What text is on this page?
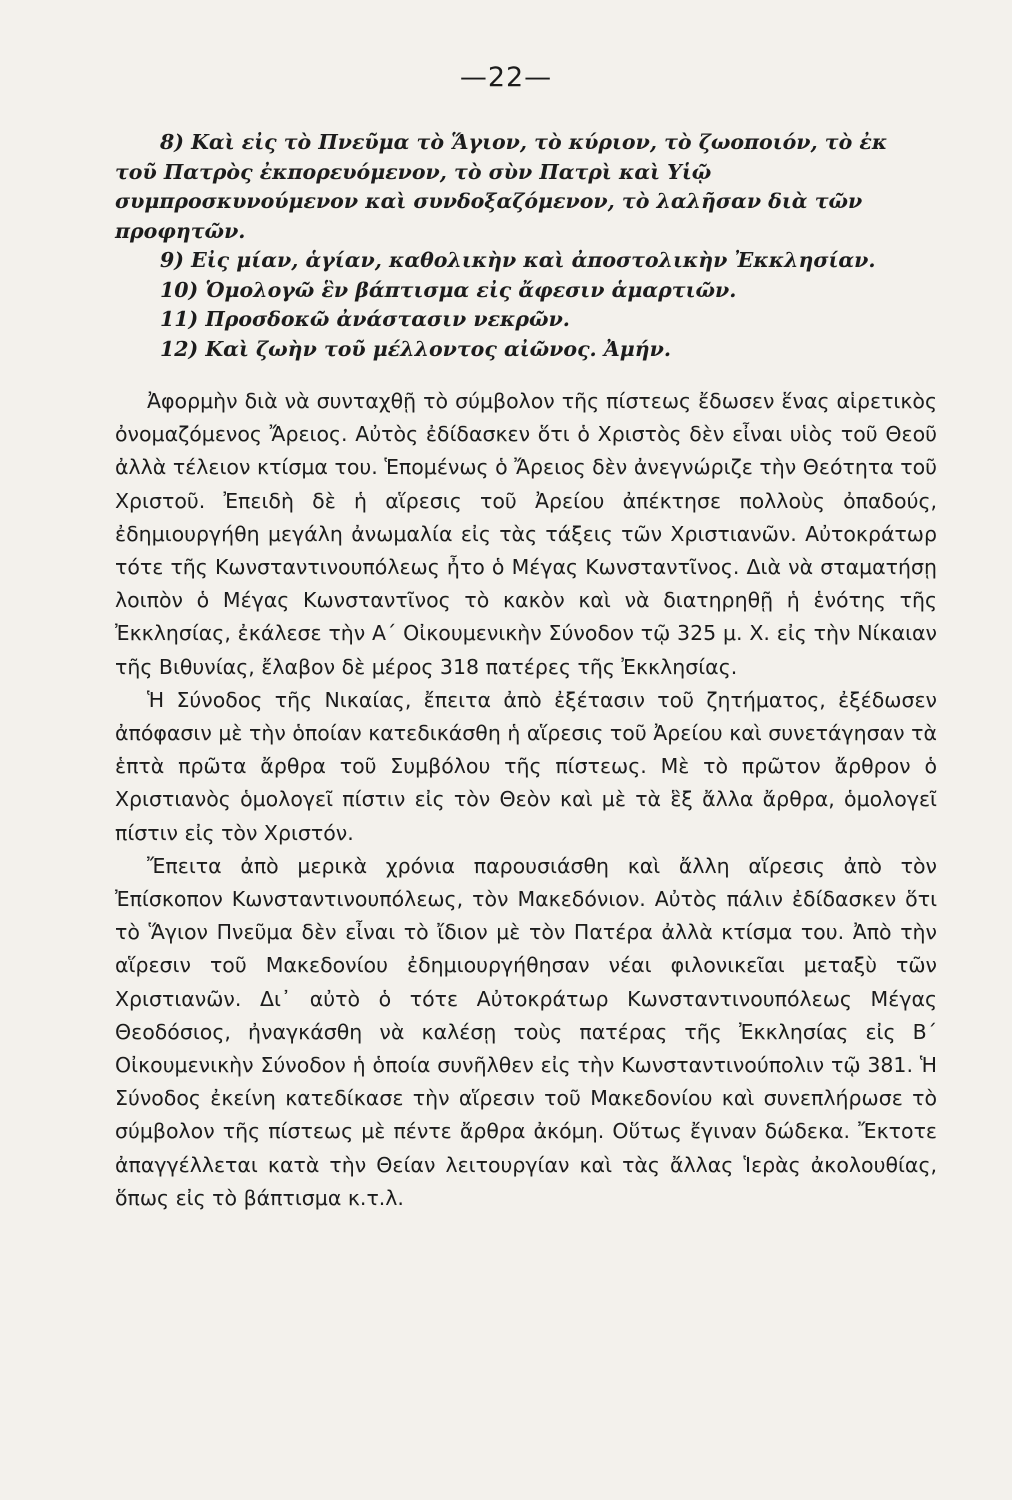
—22—

8) Καὶ εἰς τὸ Πνεῦμα τὸ Ἅγιον, τὸ κύριον, τὸ ζωοποιόν, τὸ ἐκ τοῦ Πατρὸς ἐκπορευόμενον, τὸ σὺν Πατρὶ καὶ Υἱῷ συμπροσκυνούμενον καὶ συνδοξαζόμενον, τὸ λαλῆσαν διὰ τῶν προφητῶν.

9) Εἰς μίαν, ἁγίαν, καθολικὴν καὶ ἀποστολικὴν Ἐκκλησίαν.

10) Ὁμολογῶ ἓν βάπτισμα εἰς ἄφεσιν ἁμαρτιῶν.

11) Προσδοκῶ ἀνάστασιν νεκρῶν.

12) Καὶ ζωὴν τοῦ μέλλοντος αἰῶνος. Ἀμήν.

Ἀφορμὴν διὰ νὰ συνταχθῇ τὸ σύμβολον τῆς πίστεως ἔδωσεν ἕνας αἱρετικὸς ὀνομαζόμενος Ἄρειος. Αὐτὸς ἐδίδασκεν ὅτι ὁ Χριστὸς δὲν εἶναι υἱὸς τοῦ Θεοῦ ἀλλὰ τέλειον κτίσμα του. Ἑπομένως ὁ Ἄρειος δὲν ἀνεγνώριζε τὴν Θεότητα τοῦ Χριστοῦ. Ἐπειδὴ δὲ ἡ αἵρεσις τοῦ Ἀρείου ἀπέκτησε πολλοὺς ὀπαδούς, ἐδημιουργήθη μεγάλη ἀνωμαλία εἰς τὰς τάξεις τῶν Χριστιανῶν. Αὐτοκράτωρ τότε τῆς Κωνσταντινουπόλεως ἦτο ὁ Μέγας Κωνσταντῖνος. Διὰ νὰ σταματήσῃ λοιπὸν ὁ Μέγας Κωνσταντῖνος τὸ κακὸν καὶ νὰ διατηρηθῇ ἡ ἑνότης τῆς Ἐκκλησίας, ἐκάλεσε τὴν Α΄ Οἰκουμενικὴν Σύνοδον τῷ 325 μ. Χ. εἰς τὴν Νίκαιαν τῆς Βιθυνίας, ἔλαβον δὲ μέρος 318 πατέρες τῆς Ἐκκλησίας.

Ἡ Σύνοδος τῆς Νικαίας, ἔπειτα ἀπὸ ἐξέτασιν τοῦ ζητήματος, ἐξέδωσεν ἀπόφασιν μὲ τὴν ὁποίαν κατεδικάσθη ἡ αἵρεσις τοῦ Ἀρείου καὶ συνετάγησαν τὰ ἑπτὰ πρῶτα ἄρθρα τοῦ Συμβόλου τῆς πίστεως. Μὲ τὸ πρῶτον ἄρθρον ὁ Χριστιανὸς ὁμολογεῖ πίστιν εἰς τὸν Θεὸν καὶ μὲ τὰ ἓξ ἄλλα ἄρθρα, ὁμολογεῖ πίστιν εἰς τὸν Χριστόν.

Ἔπειτα ἀπὸ μερικὰ χρόνια παρουσιάσθη καὶ ἄλλη αἵρεσις ἀπὸ τὸν Ἐπίσκοπον Κωνσταντινουπόλεως, τὸν Μακεδόνιον. Αὐτὸς πάλιν ἐδίδασκεν ὅτι τὸ Ἅγιον Πνεῦμα δὲν εἶναι τὸ ἴδιον μὲ τὸν Πατέρα ἀλλὰ κτίσμα του. Ἀπὸ τὴν αἵρεσιν τοῦ Μακεδονίου ἐδημιουργήθησαν νέαι φιλονικεῖαι μεταξὺ τῶν Χριστιανῶν. Δι᾽ αὐτὸ ὁ τότε Αὐτοκράτωρ Κωνσταντινουπόλεως Μέγας Θεοδόσιος, ἠναγκάσθη νὰ καλέσῃ τοὺς πατέρας τῆς Ἐκκλησίας εἰς Β΄ Οἰκουμενικὴν Σύνοδον ἡ ὁποία συνῆλθεν εἰς τὴν Κωνσταντινούπολιν τῷ 381. Ἡ Σύνοδος ἐκείνη κατεδίκασε τὴν αἵρεσιν τοῦ Μακεδονίου καὶ συνεπλήρωσε τὸ σύμβολον τῆς πίστεως μὲ πέντε ἄρθρα ἀκόμη. Οὕτως ἔγιναν δώδεκα. Ἔκτοτε ἀπαγγέλλεται κατὰ τὴν Θείαν λειτουργίαν καὶ τὰς ἄλλας Ἱερὰς ἀκολουθίας, ὅπως εἰς τὸ βάπτισμα κ.τ.λ.
